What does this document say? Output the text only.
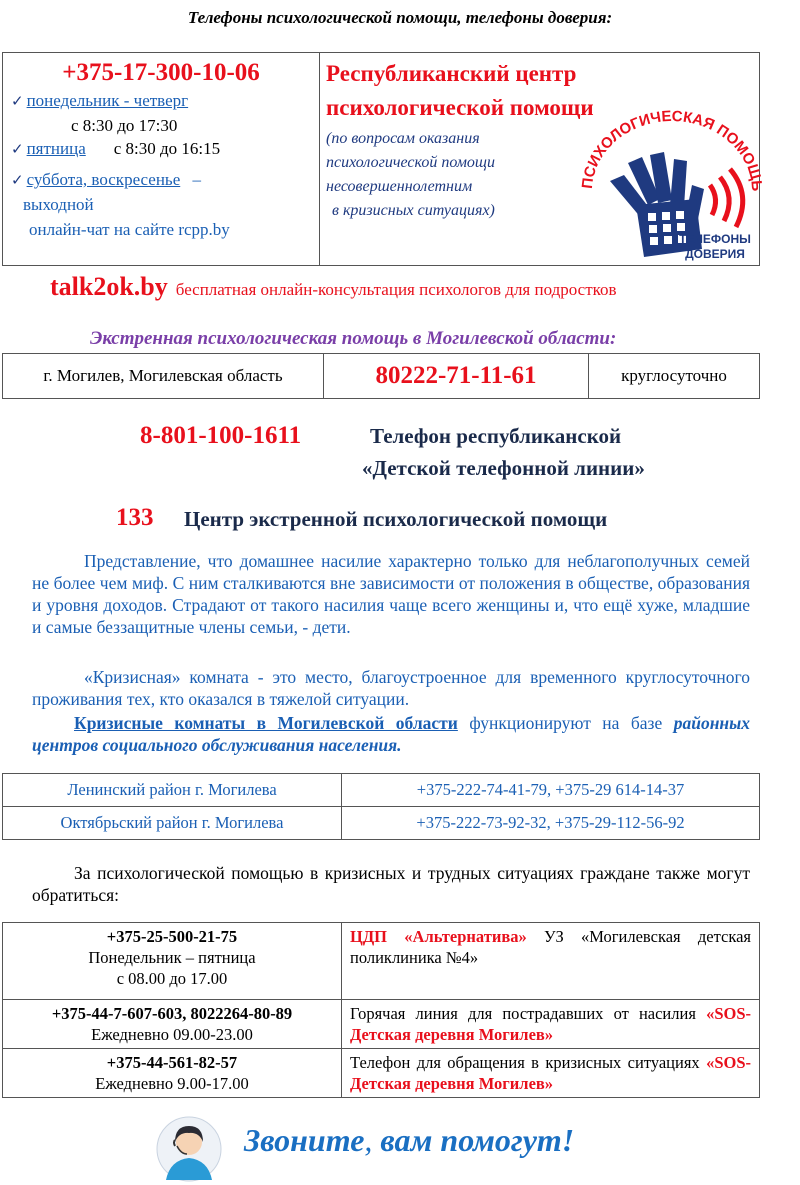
Телефоны психологической помощи, телефоны доверия:
+375-17-300-10-06
✓ понедельник - четверг
с 8:30 до 17:30
✓ пятница с 8:30 до 16:15
✓ суббота, воскресенье –
выходной
онлайн-чат на сайте rcpp.by

Республиканский центр
психологической помощи
(по вопросам оказания
психологической помощи
несовершеннолетним
в кризисных ситуациях)
ПСИХОЛОГИЧЕСКАЯ ПОМОЩЬ
ТЕЛЕФОНЫ
ДОВЕРИЯ
talk2ok.by бесплатная онлайн-консультация психологов для подростков
Экстренная психологическая помощь в Могилевской области:
г. Могилев, Могилевская область	80222-71-11-61	круглосуточно
8-801-100-1611	Телефон республиканской
«Детской телефонной линии»
133 Центр экстренной психологической помощи
Представление, что домашнее насилие характерно только для неблагополучных семей не более чем миф. С ним сталкиваются вне зависимости от положения в обществе, образования и уровня доходов. Страдают от такого насилия чаще всего женщины и, что ещё хуже, младшие и самые беззащитные члены семьи, - дети.
«Кризисная» комната - это место, благоустроенное для временного круглосуточного проживания тех, кто оказался в тяжелой ситуации.
Кризисные комнаты в Могилевской области функционируют на базе районных центров социального обслуживания населения.
Ленинский район г. Могилева	+375-222-74-41-79, +375-29 614-14-37
Октябрьский район г. Могилева	+375-222-73-92-32, +375-29-112-56-92
За психологической помощью в кризисных и трудных ситуациях граждане также могут обратиться:
+375-25-500-21-75
Понедельник – пятница
с 08.00 до 17.00	ЦДП «Альтернатива» УЗ «Могилевская детская поликлиника №4»

+375-44-7-607-603, 8022264-80-89
Ежедневно 09.00-23.00	Горячая линия для пострадавших от насилия «SOS-Детская деревня Могилев»

+375-44-561-82-57
Ежедневно 9.00-17.00	Телефон для обращения в кризисных ситуациях «SOS-Детская деревня Могилев»
Звоните, вам помогут!
